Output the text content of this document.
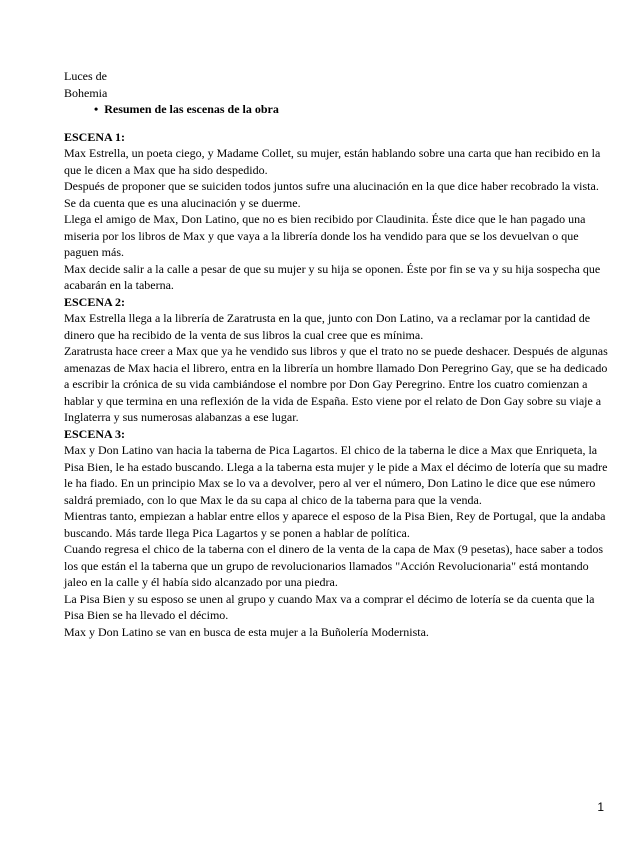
Luces de

Bohemia

• Resumen de las escenas de la obra

ESCENA 1:

Max Estrella, un poeta ciego, y Madame Collet, su mujer, están hablando sobre una carta que han recibido en la que le dicen a Max que ha sido despedido.

Después de proponer que se suiciden todos juntos sufre una alucinación en la que dice haber recobrado la vista. Se da cuenta que es una alucinación y se duerme.

Llega el amigo de Max, Don Latino, que no es bien recibido por Claudinita. Éste dice que le han pagado una miseria por los libros de Max y que vaya a la librería donde los ha vendido para que se los devuelvan o que paguen más.

Max decide salir a la calle a pesar de que su mujer y su hija se oponen. Éste por fin se va y su hija sospecha que acabarán en la taberna.

ESCENA 2:

Max Estrella llega a la librería de Zaratrusta en la que, junto con Don Latino, va a reclamar por la cantidad de dinero que ha recibido de la venta de sus libros la cual cree que es mínima.

Zaratrusta hace creer a Max que ya he vendido sus libros y que el trato no se puede deshacer. Después de algunas amenazas de Max hacia el librero, entra en la librería un hombre llamado Don Peregrino Gay, que se ha dedicado a escribir la crónica de su vida cambiándose el nombre por Don Gay Peregrino. Entre los cuatro comienzan a hablar y que termina en una reflexión de la vida de España. Esto viene por el relato de Don Gay sobre su viaje a Inglaterra y sus numerosas alabanzas a ese lugar.

ESCENA 3:

Max y Don Latino van hacia la taberna de Pica Lagartos. El chico de la taberna le dice a Max que Enriqueta, la Pisa Bien, le ha estado buscando. Llega a la taberna esta mujer y le pide a Max el décimo de lotería que su madre le ha fiado. En un principio Max se lo va a devolver, pero al ver el número, Don Latino le dice que ese número saldrá premiado, con lo que Max le da su capa al chico de la taberna para que la venda.

Mientras tanto, empiezan a hablar entre ellos y aparece el esposo de la Pisa Bien, Rey de Portugal, que la andaba buscando. Más tarde llega Pica Lagartos y se ponen a hablar de política.

Cuando regresa el chico de la taberna con el dinero de la venta de la capa de Max (9 pesetas), hace saber a todos los que están el la taberna que un grupo de revolucionarios llamados "Acción Revolucionaria" está montando jaleo en la calle y él había sido alcanzado por una piedra.

La Pisa Bien y su esposo se unen al grupo y cuando Max va a comprar el décimo de lotería se da cuenta que la Pisa Bien se ha llevado el décimo.

Max y Don Latino se van en busca de esta mujer a la Buñolería Modernista.

1
